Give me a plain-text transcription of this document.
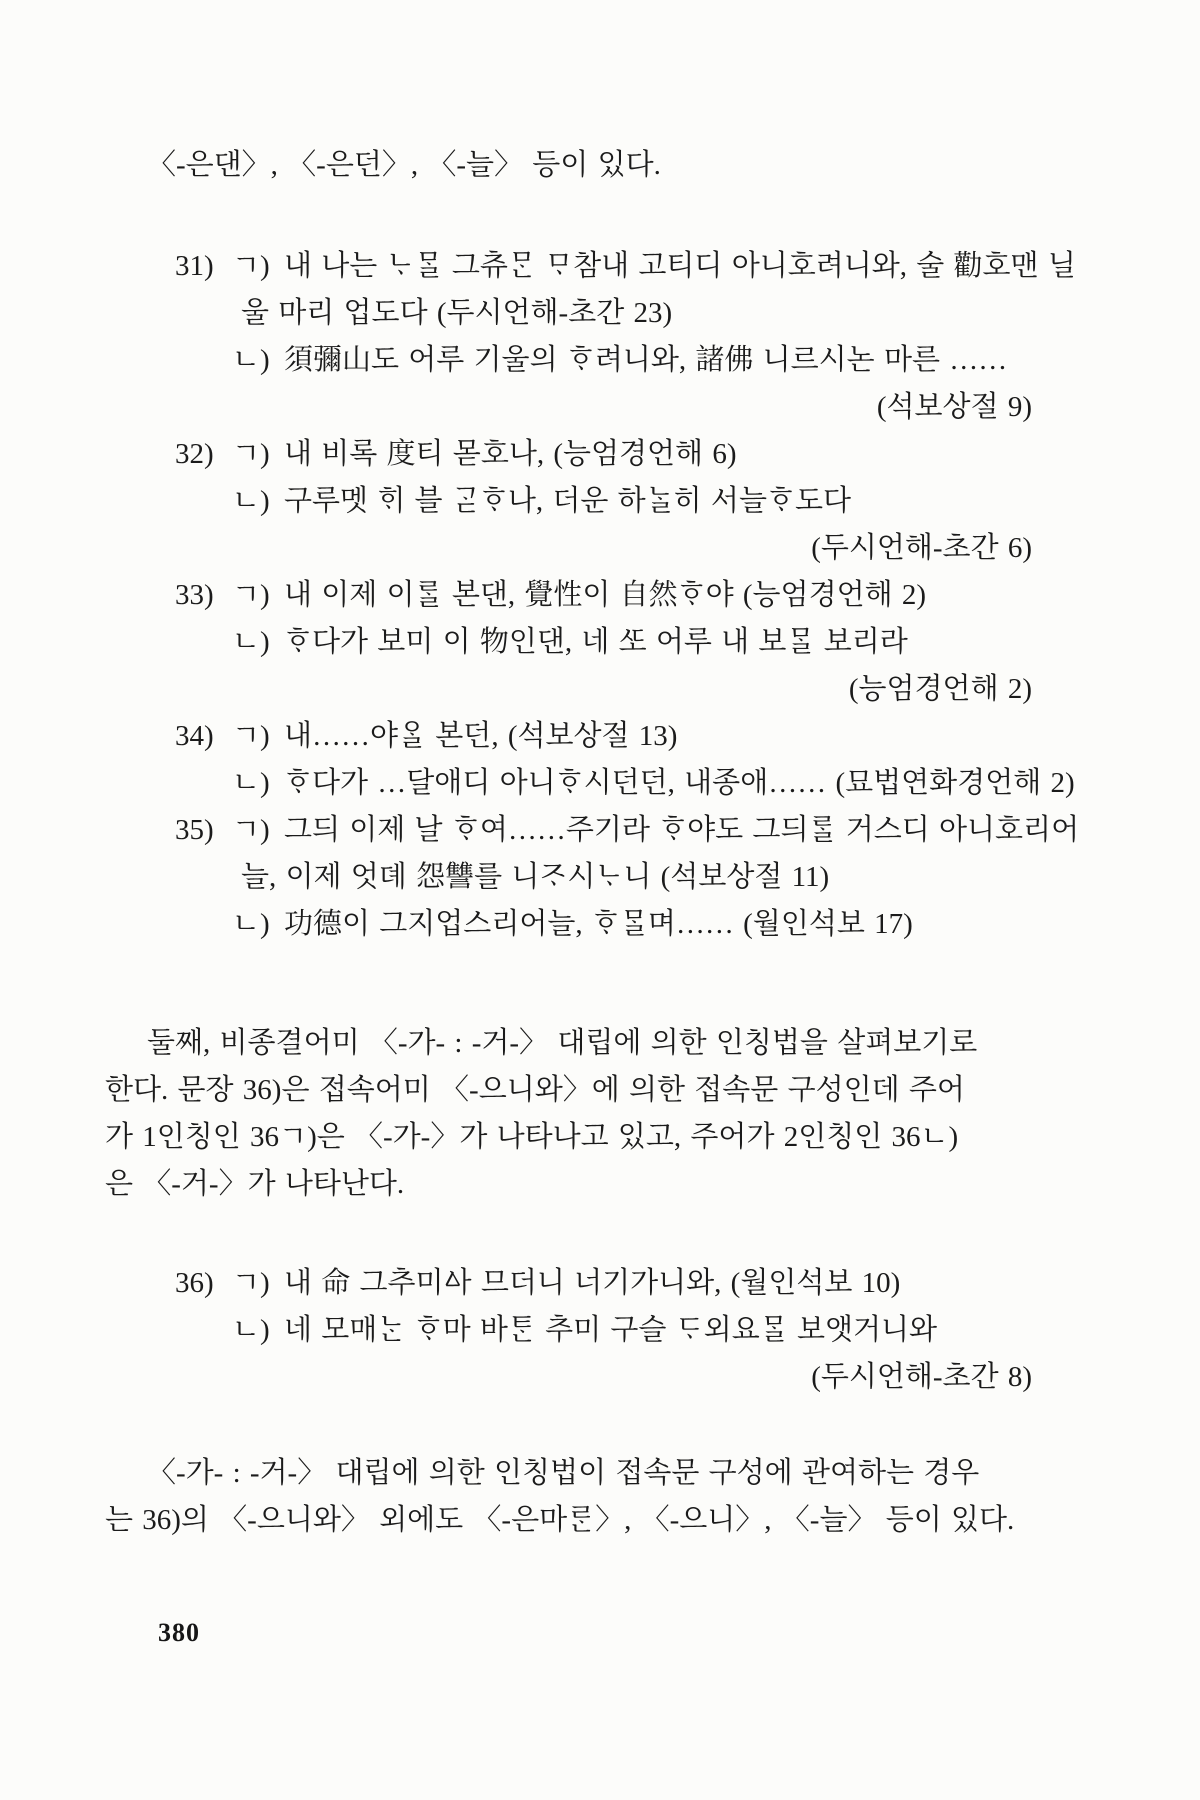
〈-은댄〉, 〈-은던〉, 〈-늘〉 등이 있다.
31) ㄱ) 내 나는 ᄂᆞᄆᆞᆯ 그츄ᄆᆞᆫ ᄆᆞ참내 고티디 아니호려니와, 술 勸호맨 닐
울 마리 업도다 (두시언해-초간 23)
ㄴ) 須彌山도 어루 기울의 ᄒᆞ려니와, 諸佛 니르시논 마른 ……
(석보상절 9)
32) ㄱ) 내 비록 度티 몯호나, (능엄경언해 6)
ㄴ) 구루멧 ᄒᆡ 블 ᄀᆞᆮᄒᆞ나, 더운 하ᄂᆞᆯ히 서늘ᄒᆞ도다
(두시언해-초간 6)
33) ㄱ) 내 이제 이ᄅᆞᆯ 본댄, 覺性이 自然ᄒᆞ야 (능엄경언해 2)
ㄴ) ᄒᆞ다가 보미 이 物인댄, 네 ᄯᅩ 어루 내 보ᄆᆞᆯ 보리라
(능엄경언해 2)
34) ㄱ) 내……야ᄋᆞᆯ 본던, (석보상절 13)
ㄴ) ᄒᆞ다가 …달애디 아니ᄒᆞ시던던, 내종애…… (묘법연화경언해 2)
35) ㄱ) 그듸 이제 날 ᄒᆞ여……주기라 ᄒᆞ야도 그듸ᄅᆞᆯ 거스디 아니호리어
늘, 이제 엇뎨 怨讐를 니ᄌᆞ시ᄂᆞ니 (석보상절 11)
ㄴ) 功德이 그지업스리어늘, ᄒᆞᄆᆞᆯ며…… (월인석보 17)
둘째, 비종결어미 〈-가- : -거-〉 대립에 의한 인칭법을 살펴보기로
한다. 문장 36)은 접속어미 〈-으니와〉에 의한 접속문 구성인데 주어
가 1인칭인 36ㄱ)은 〈-가-〉가 나타나고 있고, 주어가 2인칭인 36ㄴ)
은 〈-거-〉가 나타난다.
36) ㄱ) 내 命 그추미ᅀᅡ 므더니 너기가니와, (월인석보 10)
ㄴ) 네 모매ᄂᆞᆫ ᄒᆞ마 바ᄐᆞᆫ 추미 구슬 ᄃᆞ외요ᄆᆞᆯ 보앳거니와
(두시언해-초간 8)
〈-가- : -거-〉 대립에 의한 인칭법이 접속문 구성에 관여하는 경우
는 36)의 〈-으니와〉 외에도 〈-은마ᄅᆞᆫ〉, 〈-으니〉, 〈-늘〉 등이 있다.
380
